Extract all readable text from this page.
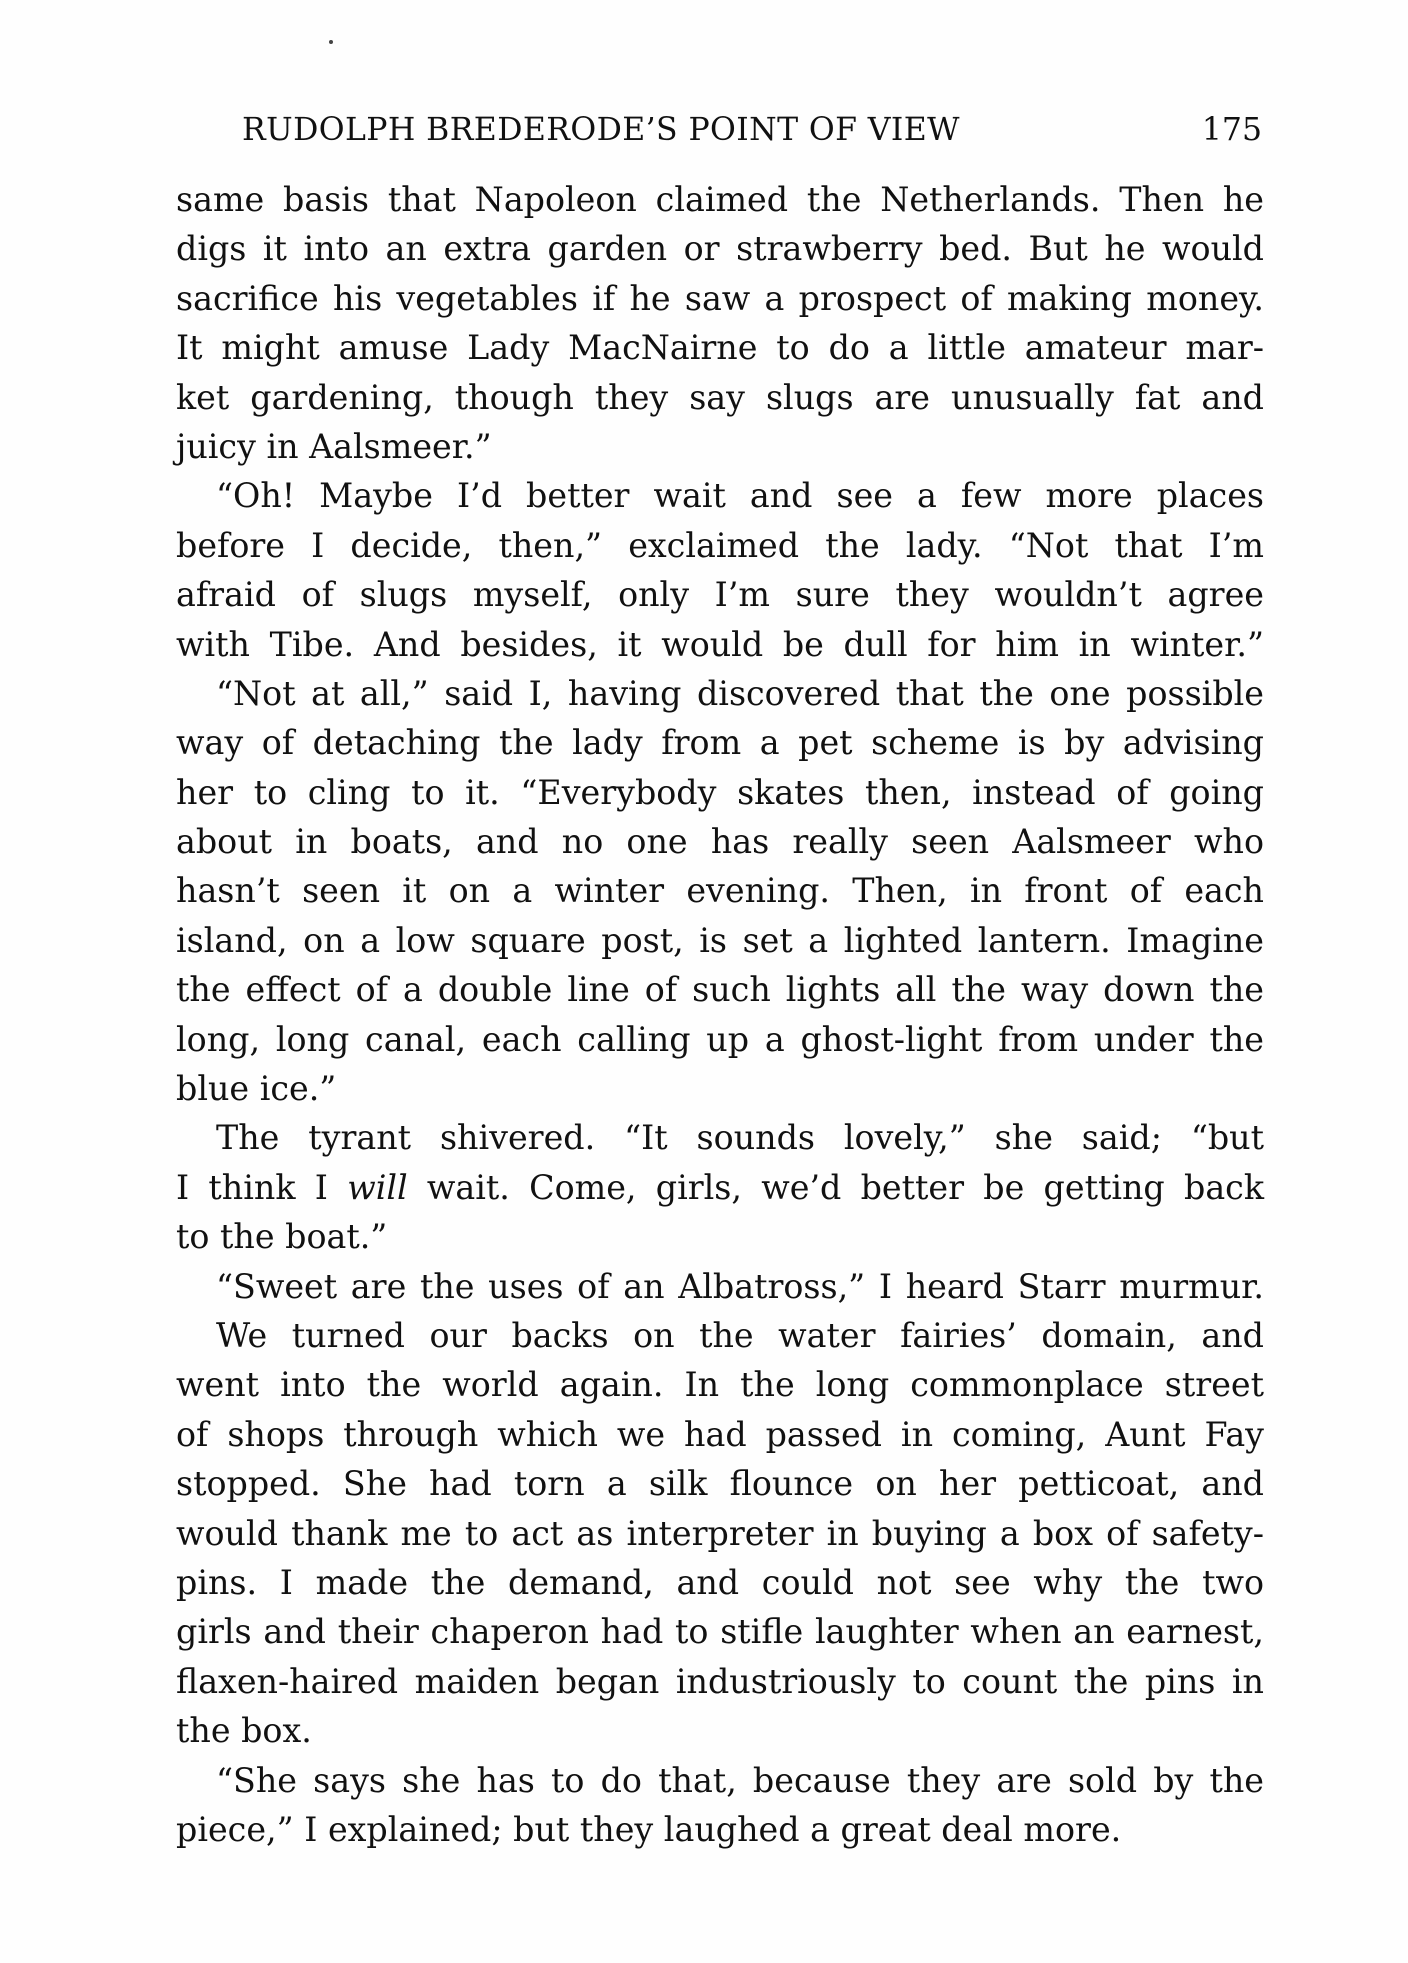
RUDOLPH BREDERODE’S POINT OF VIEW	175
same basis that Napoleon claimed the Netherlands. Then he
digs it into an extra garden or strawberry bed. But he would
sacrifice his vegetables if he saw a prospect of making money.
It might amuse Lady MacNairne to do a little amateur mar-
ket gardening, though they say slugs are unusually fat and
juicy in Aalsmeer.”
“Oh! Maybe I’d better wait and see a few more places
before I decide, then,” exclaimed the lady. “Not that I’m
afraid of slugs myself, only I’m sure they wouldn’t agree
with Tibe. And besides, it would be dull for him in winter.”
“Not at all,” said I, having discovered that the one possible
way of detaching the lady from a pet scheme is by advising
her to cling to it. “Everybody skates then, instead of going
about in boats, and no one has really seen Aalsmeer who
hasn’t seen it on a winter evening. Then, in front of each
island, on a low square post, is set a lighted lantern. Imagine
the effect of a double line of such lights all the way down the
long, long canal, each calling up a ghost-light from under the
blue ice.”
The tyrant shivered. “It sounds lovely,” she said; “but
I think I will wait. Come, girls, we’d better be getting back
to the boat.”
“Sweet are the uses of an Albatross,” I heard Starr murmur.
We turned our backs on the water fairies’ domain, and
went into the world again. In the long commonplace street
of shops through which we had passed in coming, Aunt Fay
stopped. She had torn a silk flounce on her petticoat, and
would thank me to act as interpreter in buying a box of safety-
pins. I made the demand, and could not see why the two
girls and their chaperon had to stifle laughter when an earnest,
flaxen-haired maiden began industriously to count the pins in
the box.
“She says she has to do that, because they are sold by the
piece,” I explained; but they laughed a great deal more.
